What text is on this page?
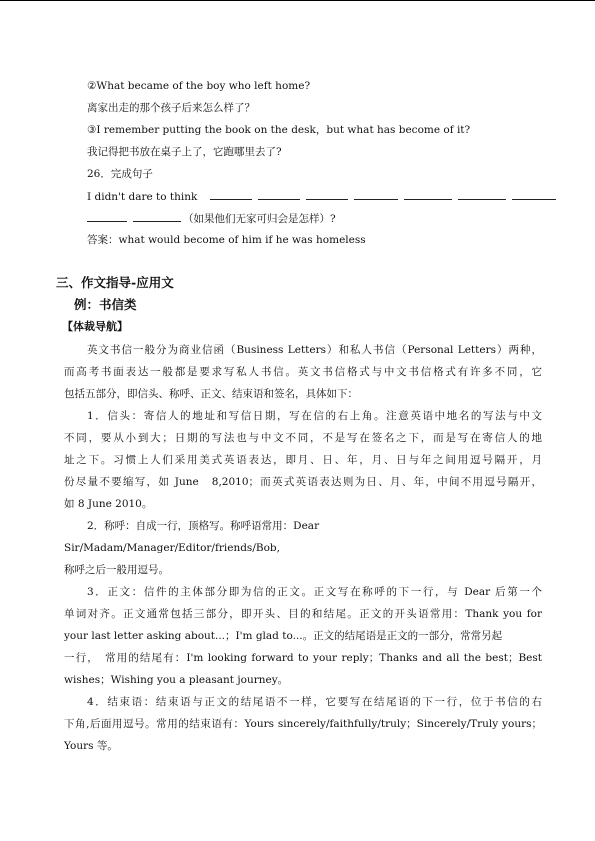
②What became of the boy who left home?
离家出走的那个孩子后来怎么样了？
③I remember putting the book on the desk，but what has become of it?
我记得把书放在桌子上了，它跑哪里去了?
26．完成句子
I didn't dare to think
（如果他们无家可归会是怎样）?
答案：what would become of him if he was homeless
三、作文指导-应用文
例：书信类
【体裁导航】
英文书信一般分为商业信函（Business Letters）和私人书信（Personal Letters）两种，
而高考书面表达一般都是要求写私人书信。英文书信格式与中文书信格式有许多不同，它
包括五部分，即信头、称呼、正文、结束语和签名，具体如下：
1．信头：寄信人的地址和写信日期，写在信的右上角。注意英语中地名的写法与中文
不同，要从小到大；日期的写法也与中文不同，不是写在签名之下，而是写在寄信人的地
址之下。习惯上人们采用美式英语表达，即月、日、年，月、日与年之间用逗号隔开，月
份尽量不要缩写，如 June　8,2010；而英式英语表达则为日、月、年，中间不用逗号隔开，
如 8 June 2010。
2．称呼：自成一行，顶格写。称呼语常用：Dear
Sir/Madam/Manager/Editor/friends/Bob,
称呼之后一般用逗号。
3．正文：信件的主体部分即为信的正文。正文写在称呼的下一行，与 Dear 后第一个
单词对齐。正文通常包括三部分，即开头、目的和结尾。正文的开头语常用：Thank you for
your last letter asking about...；I'm glad to...。正文的结尾语是正文的一部分，常常另起
一行，　常用的结尾有：I'm looking forward to your reply；Thanks and all the best；Best
wishes；Wishing you a pleasant journey。
4．结束语：结束语与正文的结尾语不一样，它要写在结尾语的下一行，位于书信的右
下角,后面用逗号。常用的结束语有：Yours sincerely/faithfully/truly；Sincerely/Truly yours；
Yours 等。
